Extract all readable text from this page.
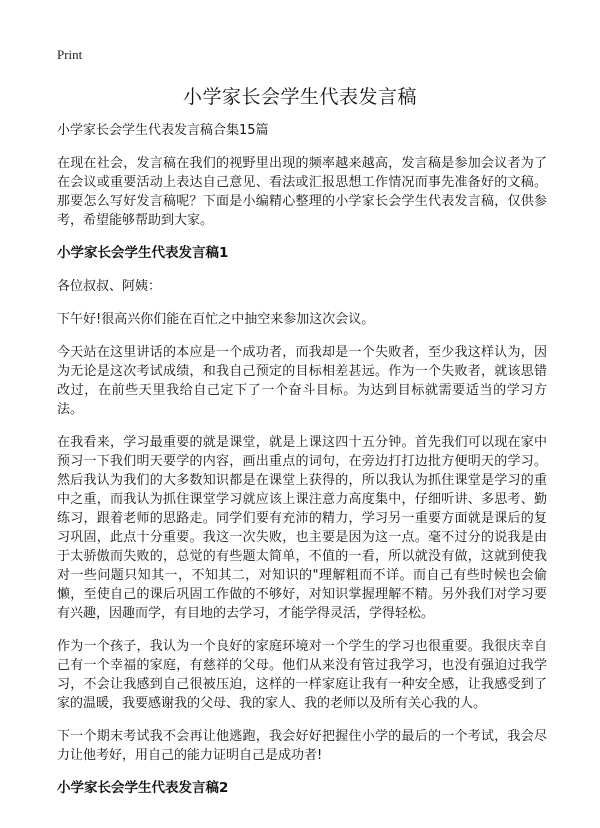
Print
小学家长会学生代表发言稿
小学家长会学生代表发言稿合集15篇

在现在社会，发言稿在我们的视野里出现的频率越来越高，发言稿是参加会议者为了在会议或重要活动上表达自己意见、看法或汇报思想工作情况而事先准备好的文稿。那要怎么写好发言稿呢？下面是小编精心整理的小学家长会学生代表发言稿，仅供参考，希望能够帮助到大家。

小学家长会学生代表发言稿1

各位叔叔、阿姨：

下午好!很高兴你们能在百忙之中抽空来参加这次会议。

今天站在这里讲话的本应是一个成功者，而我却是一个失败者，至少我这样认为，因为无论是这次考试成绩，和我自己预定的目标相差甚远。作为一个失败者，就该思错改过，在前些天里我给自己定下了一个奋斗目标。为达到目标就需要适当的学习方法。

在我看来，学习最重要的就是课堂，就是上课这四十五分钟。首先我们可以现在家中预习一下我们明天要学的内容，画出重点的词句，在旁边打打边批方便明天的学习。然后我认为我们的大多数知识都是在课堂上获得的，所以我认为抓住课堂是学习的重中之重，而我认为抓住课堂学习就应该上课注意力高度集中，仔细听讲、多思考、勤练习，跟着老师的思路走。同学们要有充沛的精力，学习另一重要方面就是课后的复习巩固，此点十分重要。我这一次失败，也主要是因为这一点。毫不过分的说我是由于太骄傲而失败的，总觉的有些题太简单，不值的一看，所以就没有做，这就到使我对一些问题只知其一，不知其二，对知识的"理解粗而不详。而自己有些时候也会偷懒，至使自己的课后巩固工作做的不够好，对知识掌握理解不精。另外我们对学习要有兴趣，因趣而学，有目地的去学习，才能学得灵活，学得轻松。

作为一个孩子，我认为一个良好的家庭环境对一个学生的学习也很重要。我很庆幸自己有一个幸福的家庭，有慈祥的父母。他们从来没有管过我学习，也没有强迫过我学习，不会让我感到自己很被压迫，这样的一样家庭让我有一种安全感，让我感受到了家的温暖，我要感谢我的父母、我的家人、我的老师以及所有关心我的人。

下一个期末考试我不会再让他逃跑，我会好好把握住小学的最后的一个考试，我会尽力让他考好，用自己的能力证明自己是成功者!

小学家长会学生代表发言稿2
